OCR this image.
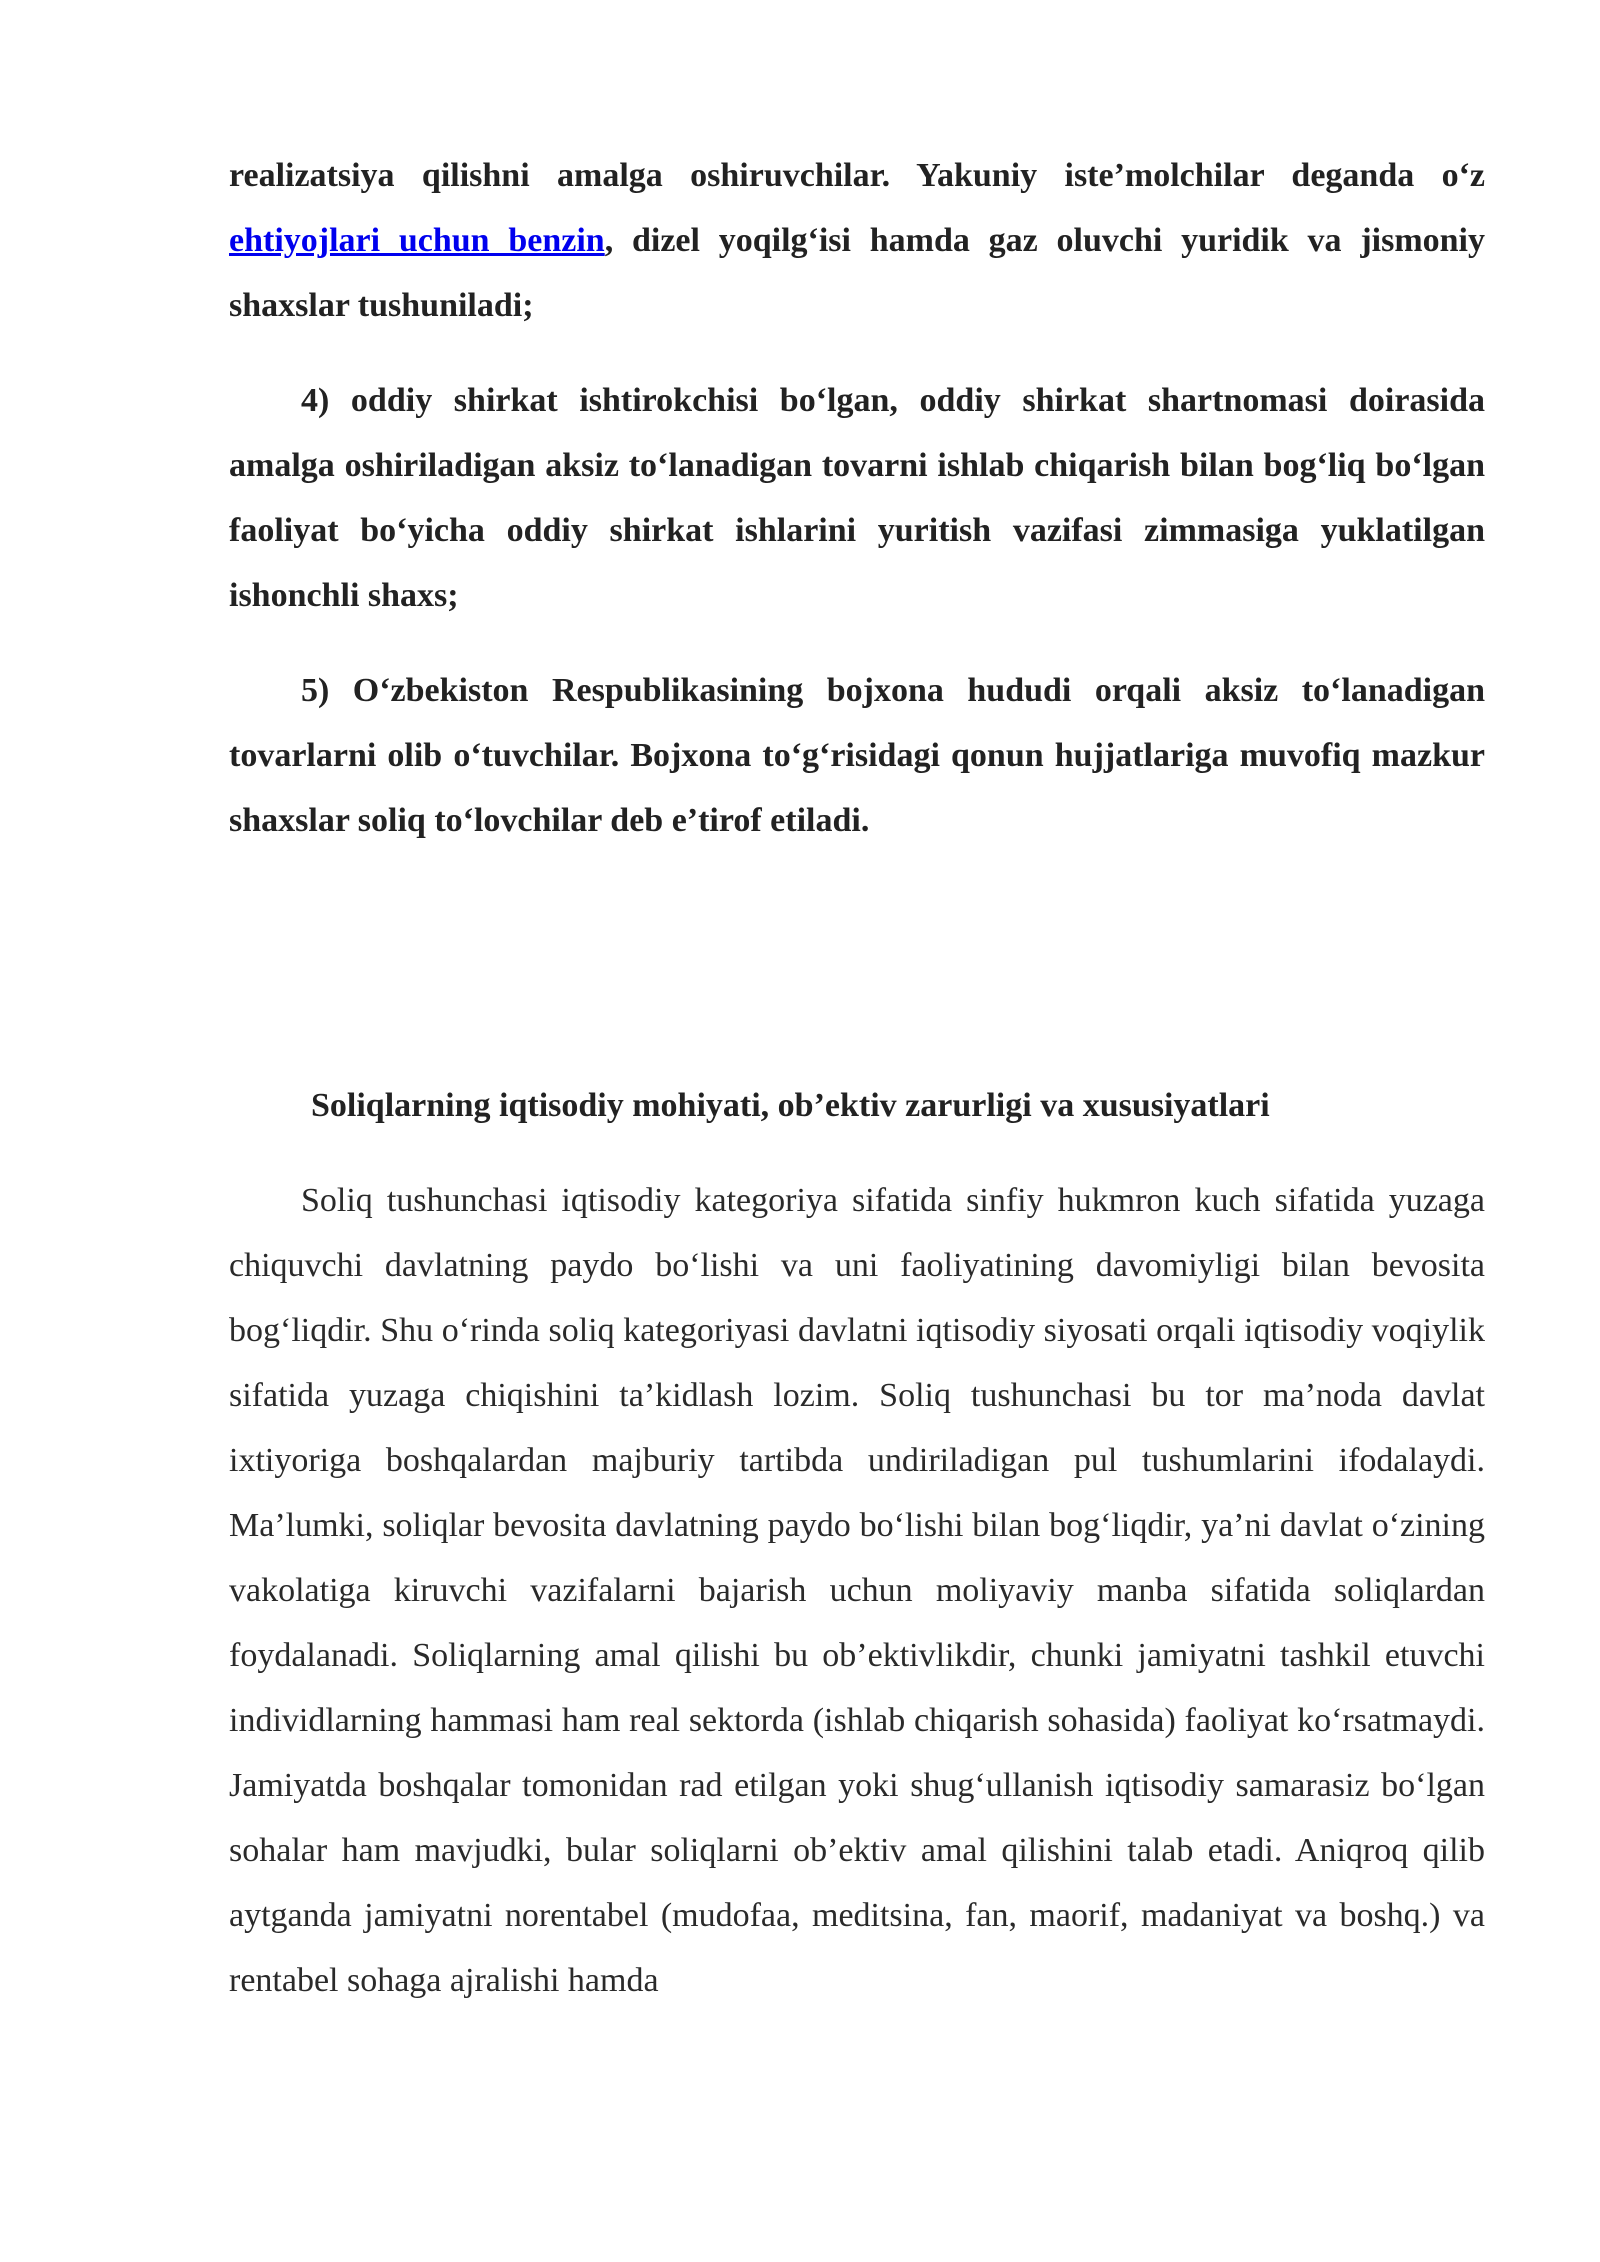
realizatsiya qilishni amalga oshiruvchilar. Yakuniy iste’molchilar deganda o‘z ehtiyojlari uchun benzin, dizel yoqilg‘isi hamda gaz oluvchi yuridik va jismoniy shaxslar tushuniladi;

4) oddiy shirkat ishtirokchisi bo‘lgan, oddiy shirkat shartnomasi doirasida amalga oshiriladigan aksiz to‘lanadigan tovarni ishlab chiqarish bilan bog‘liq bo‘lgan faoliyat bo‘yicha oddiy shirkat ishlarini yuritish vazifasi zimmasiga yuklatilgan ishonchli shaxs;

5) O‘zbekiston Respublikasining bojxona hududi orqali aksiz to‘lanadigan tovarlarni olib o‘tuvchilar. Bojxona to‘g‘risidagi qonun hujjatlariga muvofiq mazkur shaxslar soliq to‘lovchilar deb e’tirof etiladi.

Soliqlarning iqtisodiy mohiyati, ob’ektiv zarurligi va xususiyatlari

Soliq tushunchasi iqtisodiy kategoriya sifatida sinfiy hukmron kuch sifatida yuzaga chiquvchi davlatning paydo bo‘lishi va uni faoliyatining davomiyligi bilan bevosita bog‘liqdir. Shu o‘rinda soliq kategoriyasi davlatni iqtisodiy siyosati orqali iqtisodiy voqiylik sifatida yuzaga chiqishini ta’kidlash lozim. Soliq tushunchasi bu tor ma’noda davlat ixtiyoriga boshqalardan majburiy tartibda undiriladigan pul tushumlarini ifodalaydi. Ma’lumki, soliqlar bevosita davlatning paydo bo‘lishi bilan bog‘liqdir, ya’ni davlat o‘zining vakolatiga kiruvchi vazifalarni bajarish uchun moliyaviy manba sifatida soliqlardan foydalanadi. Soliqlarning amal qilishi bu ob’ektivlikdir, chunki jamiyatni tashkil etuvchi individlarning hammasi ham real sektorda (ishlab chiqarish sohasida) faoliyat ko‘rsatmaydi. Jamiyatda boshqalar tomonidan rad etilgan yoki shug‘ullanish iqtisodiy samarasiz bo‘lgan sohalar ham mavjudki, bular soliqlarni ob’ektiv amal qilishini talab etadi. Aniqroq qilib aytganda jamiyatni norentabel (mudofaa, meditsina, fan, maorif, madaniyat va boshq.) va rentabel sohaga ajralishi hamda
